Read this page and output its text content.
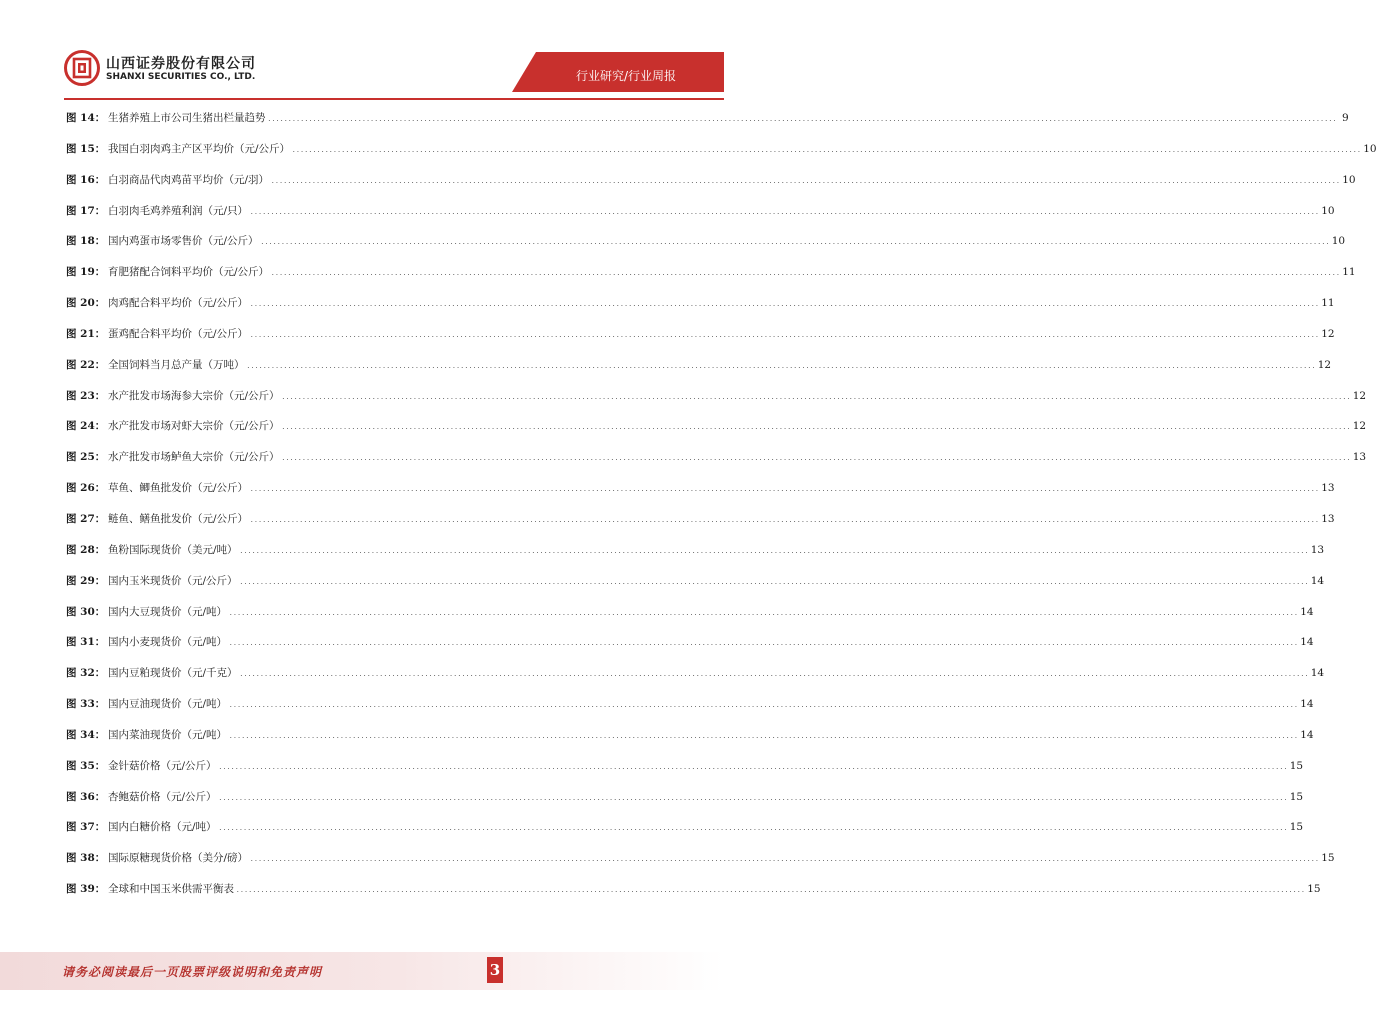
山西证券股份有限公司
SHANXI SECURITIES CO., LTD.	行业研究/行业周报
图 14： 生猪养殖上市公司生猪出栏量趋势 .................................................................................................................................................................................................................................................................... 9
图 15： 我国白羽肉鸡主产区平均价（元/公斤） .................................................................................................................................................................................................................................................................... 10
图 16： 白羽商品代肉鸡苗平均价（元/羽） .................................................................................................................................................................................................................................................................... 10
图 17： 白羽肉毛鸡养殖利润（元/只） .................................................................................................................................................................................................................................................................... 10
图 18： 国内鸡蛋市场零售价（元/公斤） .................................................................................................................................................................................................................................................................... 10
图 19： 育肥猪配合饲料平均价（元/公斤） .................................................................................................................................................................................................................................................................... 11
图 20： 肉鸡配合料平均价（元/公斤） .................................................................................................................................................................................................................................................................... 11
图 21： 蛋鸡配合料平均价（元/公斤） .................................................................................................................................................................................................................................................................... 12
图 22： 全国饲料当月总产量（万吨） .................................................................................................................................................................................................................................................................... 12
图 23： 水产批发市场海参大宗价（元/公斤） .................................................................................................................................................................................................................................................................... 12
图 24： 水产批发市场对虾大宗价（元/公斤） .................................................................................................................................................................................................................................................................... 12
图 25： 水产批发市场鲈鱼大宗价（元/公斤） .................................................................................................................................................................................................................................................................... 13
图 26： 草鱼、鲫鱼批发价（元/公斤） .................................................................................................................................................................................................................................................................... 13
图 27： 鲢鱼、鳝鱼批发价（元/公斤） .................................................................................................................................................................................................................................................................... 13
图 28： 鱼粉国际现货价（美元/吨） .................................................................................................................................................................................................................................................................... 13
图 29： 国内玉米现货价（元/公斤） .................................................................................................................................................................................................................................................................... 14
图 30： 国内大豆现货价（元/吨） .................................................................................................................................................................................................................................................................... 14
图 31： 国内小麦现货价（元/吨） .................................................................................................................................................................................................................................................................... 14
图 32： 国内豆粕现货价（元/千克） .................................................................................................................................................................................................................................................................... 14
图 33： 国内豆油现货价（元/吨） .................................................................................................................................................................................................................................................................... 14
图 34： 国内菜油现货价（元/吨） .................................................................................................................................................................................................................................................................... 14
图 35： 金针菇价格（元/公斤） .................................................................................................................................................................................................................................................................... 15
图 36： 杏鲍菇价格（元/公斤） .................................................................................................................................................................................................................................................................... 15
图 37： 国内白糖价格（元/吨） .................................................................................................................................................................................................................................................................... 15
图 38： 国际原糖现货价格（美分/磅） .................................................................................................................................................................................................................................................................... 15
图 39： 全球和中国玉米供需平衡表 .................................................................................................................................................................................................................................................................... 15
请务必阅读最后一页股票评级说明和免责声明	3
